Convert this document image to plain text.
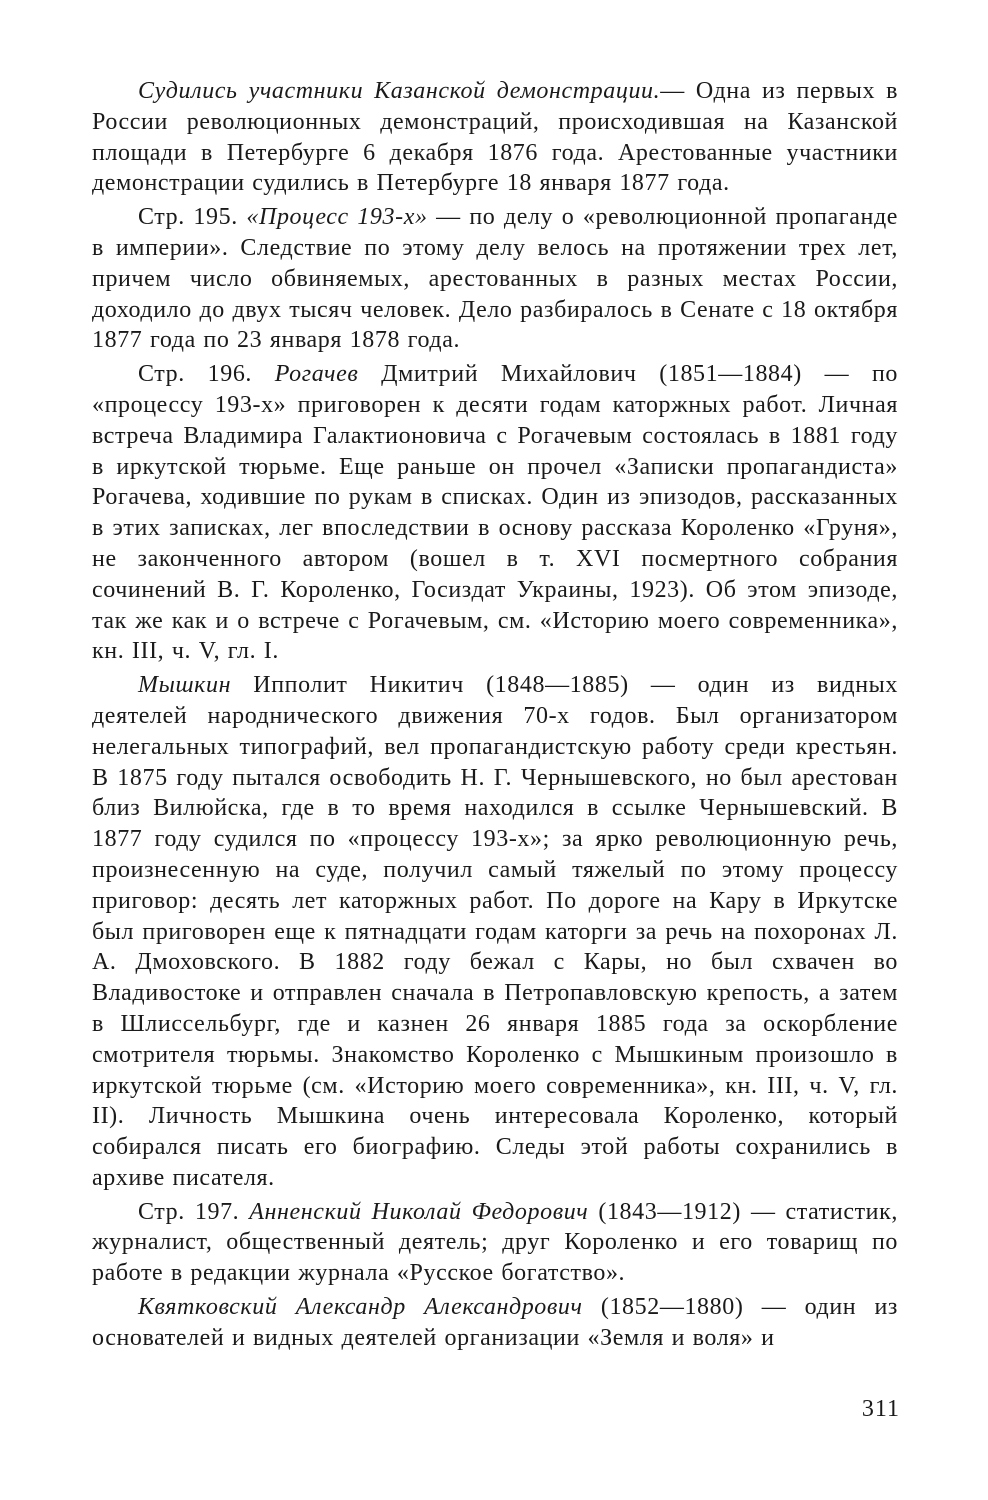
Судились участники Казанской демонстрации.— Одна из первых в России революционных демонстраций, происходившая на Казанской площади в Петербурге 6 декабря 1876 года. Арестованные участники демонстрации судились в Петербурге 18 января 1877 года.

Стр. 195. «Процесс 193-х» — по делу о «революционной пропаганде в империи». Следствие по этому делу велось на протяжении трех лет, причем число обвиняемых, арестованных в разных местах России, доходило до двух тысяч человек. Дело разбиралось в Сенате с 18 октября 1877 года по 23 января 1878 года.

Стр. 196. Рогачев Дмитрий Михайлович (1851—1884) — по «процессу 193-х» приговорен к десяти годам каторжных работ. Личная встреча Владимира Галактионовича с Рогачевым состоялась в 1881 году в иркутской тюрьме. Еще раньше он прочел «Записки пропагандиста» Рогачева, ходившие по рукам в списках. Один из эпизодов, рассказанных в этих записках, лег впоследствии в основу рассказа Короленко «Груня», не законченного автором (вошел в т. XVI посмертного собрания сочинений В. Г. Короленко, Госиздат Украины, 1923). Об этом эпизоде, так же как и о встрече с Рогачевым, см. «Историю моего современника», кн. III, ч. V, гл. I.

Мышкин Ипполит Никитич (1848—1885) — один из видных деятелей народнического движения 70-х годов. Был организатором нелегальных типографий, вел пропагандистскую работу среди крестьян. В 1875 году пытался освободить Н. Г. Чернышевского, но был арестован близ Вилюйска, где в то время находился в ссылке Чернышевский. В 1877 году судился по «процессу 193-х»; за ярко революционную речь, произнесенную на суде, получил самый тяжелый по этому процессу приговор: десять лет каторжных работ. По дороге на Кару в Иркутске был приговорен еще к пятнадцати годам каторги за речь на похоронах Л. А. Дмоховского. В 1882 году бежал с Кары, но был схвачен во Владивостоке и отправлен сначала в Петропавловскую крепость, а затем в Шлиссельбург, где и казнен 26 января 1885 года за оскорбление смотрителя тюрьмы. Знакомство Короленко с Мышкиным произошло в иркутской тюрьме (см. «Историю моего современника», кн. III, ч. V, гл. II). Личность Мышкина очень интересовала Короленко, который собирался писать его биографию. Следы этой работы сохранились в архиве писателя.

Стр. 197. Анненский Николай Федорович (1843—1912) — статистик, журналист, общественный деятель; друг Короленко и его товарищ по работе в редакции журнала «Русское богатство».

Квятковский Александр Александрович (1852—1880) — один из основателей и видных деятелей организации «Земля и воля» и

311
